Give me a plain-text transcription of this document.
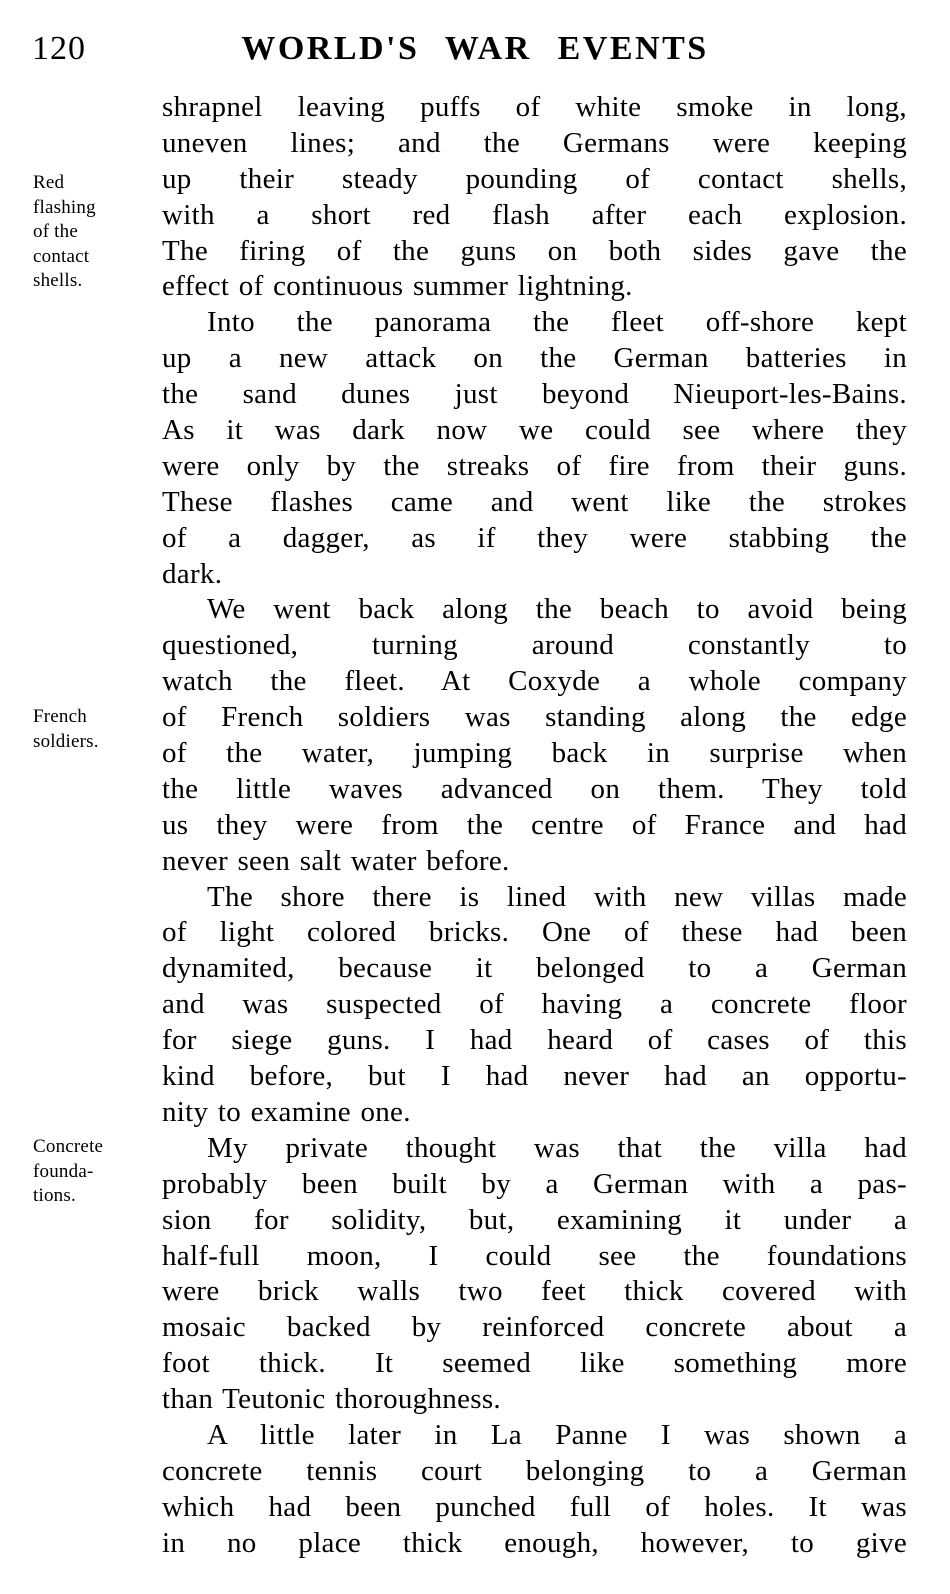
120	WORLD'S WAR EVENTS
Red
flashing
of the
contact
shells.
French
soldiers.
Concrete
founda-
tions.
shrapnel leaving puffs of white smoke in long,
uneven lines; and the Germans were keeping
up their steady pounding of contact shells,
with a short red flash after each explosion.
The firing of the guns on both sides gave the
effect of continuous summer lightning.
Into the panorama the fleet off-shore kept
up a new attack on the German batteries in
the sand dunes just beyond Nieuport-les-Bains.
As it was dark now we could see where they
were only by the streaks of fire from their guns.
These flashes came and went like the strokes
of a dagger, as if they were stabbing the
dark.
We went back along the beach to avoid being
questioned, turning around constantly to
watch the fleet. At Coxyde a whole company
of French soldiers was standing along the edge
of the water, jumping back in surprise when
the little waves advanced on them. They told
us they were from the centre of France and had
never seen salt water before.
The shore there is lined with new villas made
of light colored bricks. One of these had been
dynamited, because it belonged to a German
and was suspected of having a concrete floor
for siege guns. I had heard of cases of this
kind before, but I had never had an opportu-
nity to examine one.
My private thought was that the villa had
probably been built by a German with a pas-
sion for solidity, but, examining it under a
half-full moon, I could see the foundations
were brick walls two feet thick covered with
mosaic backed by reinforced concrete about a
foot thick. It seemed like something more
than Teutonic thoroughness.
A little later in La Panne I was shown a
concrete tennis court belonging to a German
which had been punched full of holes. It was
in no place thick enough, however, to give
